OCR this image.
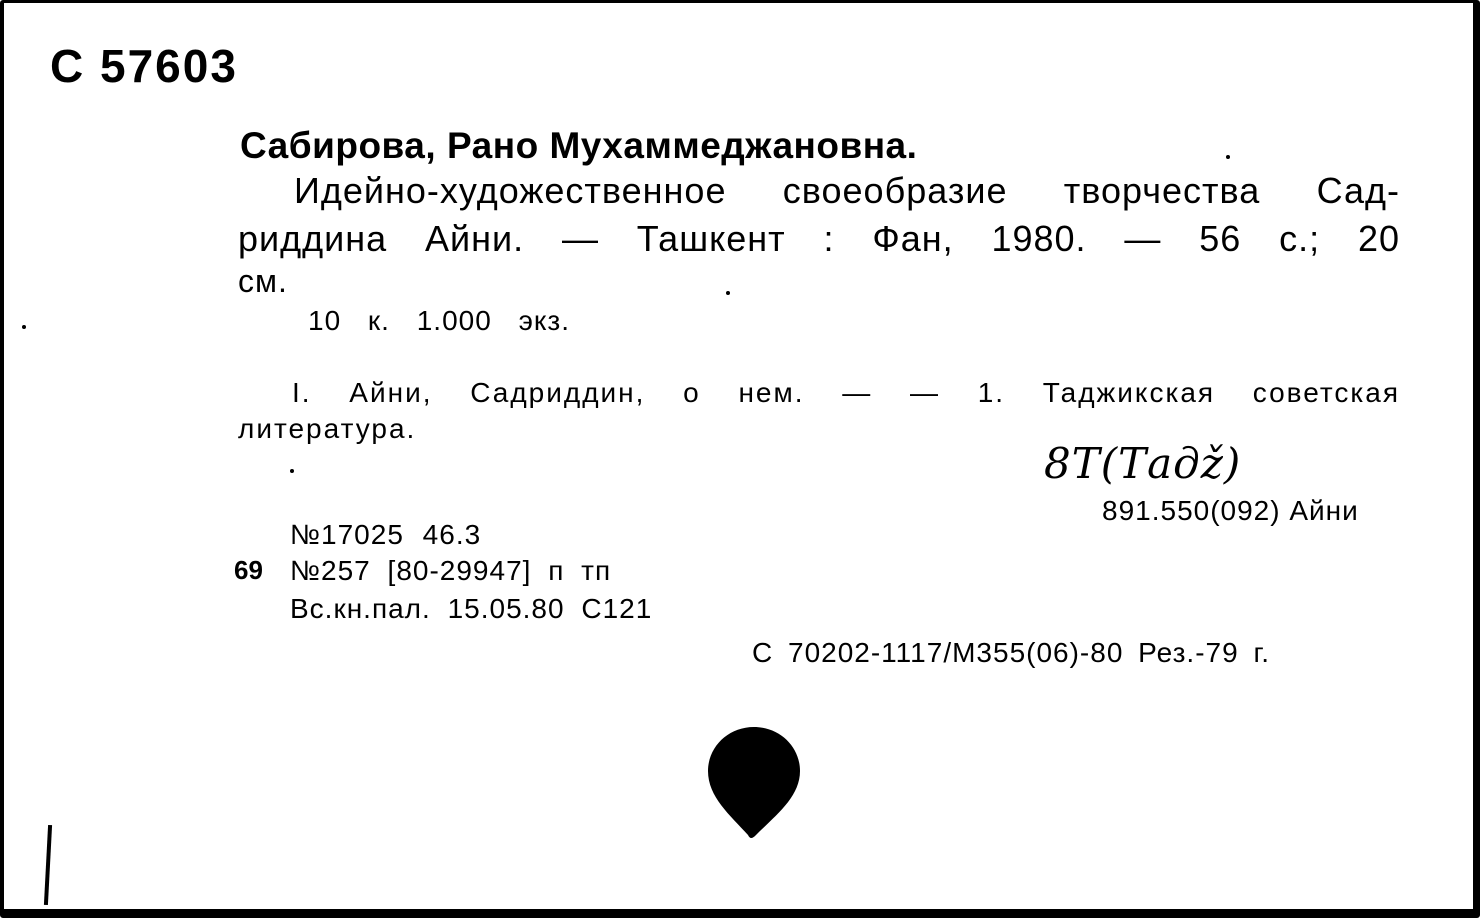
С 57603
Сабирова, Рано Мухаммеджановна.
Идейно-художественное своеобразие творчества Сад-
риддина Айни. — Ташкент : Фан, 1980. — 56 с.; 20
см.
10 к. 1.000 экз.
I. Айни, Садриддин, о нем. — — 1. Таджикская советская
литература.
8Т(Тадž)
891.550(092) Айни
№17025 46.3
69 №257 [80-29947] п тп
Вс.кн.пал. 15.05.80 С121
С 70202-1117/М355(06)-80 Рез.-79 г.
